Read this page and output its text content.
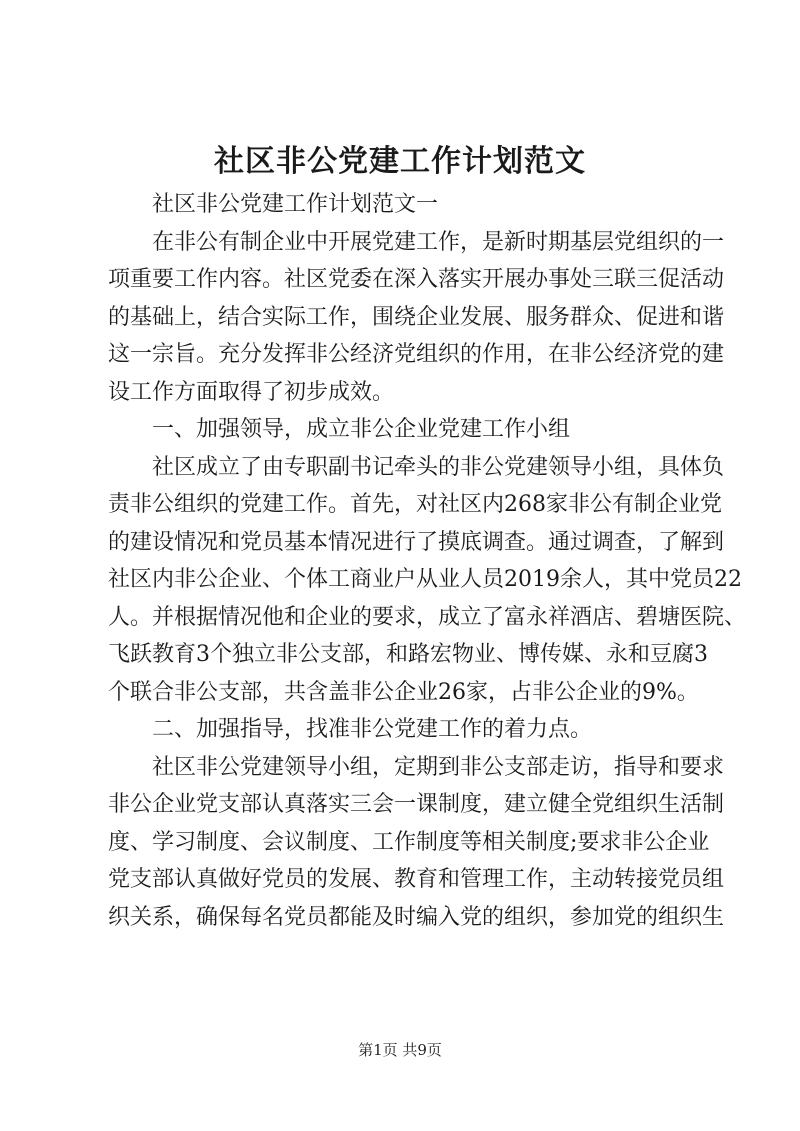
社区非公党建工作计划范文
社区非公党建工作计划范文一
在非公有制企业中开展党建工作，是新时期基层党组织的一
项重要工作内容。社区党委在深入落实开展办事处三联三促活动
的基础上，结合实际工作，围绕企业发展、服务群众、促进和谐
这一宗旨。充分发挥非公经济党组织的作用，在非公经济党的建
设工作方面取得了初步成效。
一、加强领导，成立非公企业党建工作小组
社区成立了由专职副书记牵头的非公党建领导小组，具体负
责非公组织的党建工作。首先，对社区内268家非公有制企业党
的建设情况和党员基本情况进行了摸底调查。通过调查，了解到
社区内非公企业、个体工商业户从业人员2019余人，其中党员22
人。并根据情况他和企业的要求，成立了富永祥酒店、碧塘医院、
飞跃教育3个独立非公支部，和路宏物业、博传媒、永和豆腐3
个联合非公支部，共含盖非公企业26家，占非公企业的9%。
二、加强指导，找准非公党建工作的着力点。
社区非公党建领导小组，定期到非公支部走访，指导和要求
非公企业党支部认真落实三会一课制度，建立健全党组织生活制
度、学习制度、会议制度、工作制度等相关制度;要求非公企业
党支部认真做好党员的发展、教育和管理工作，主动转接党员组
织关系，确保每名党员都能及时编入党的组织，参加党的组织生
第1页 共9页
